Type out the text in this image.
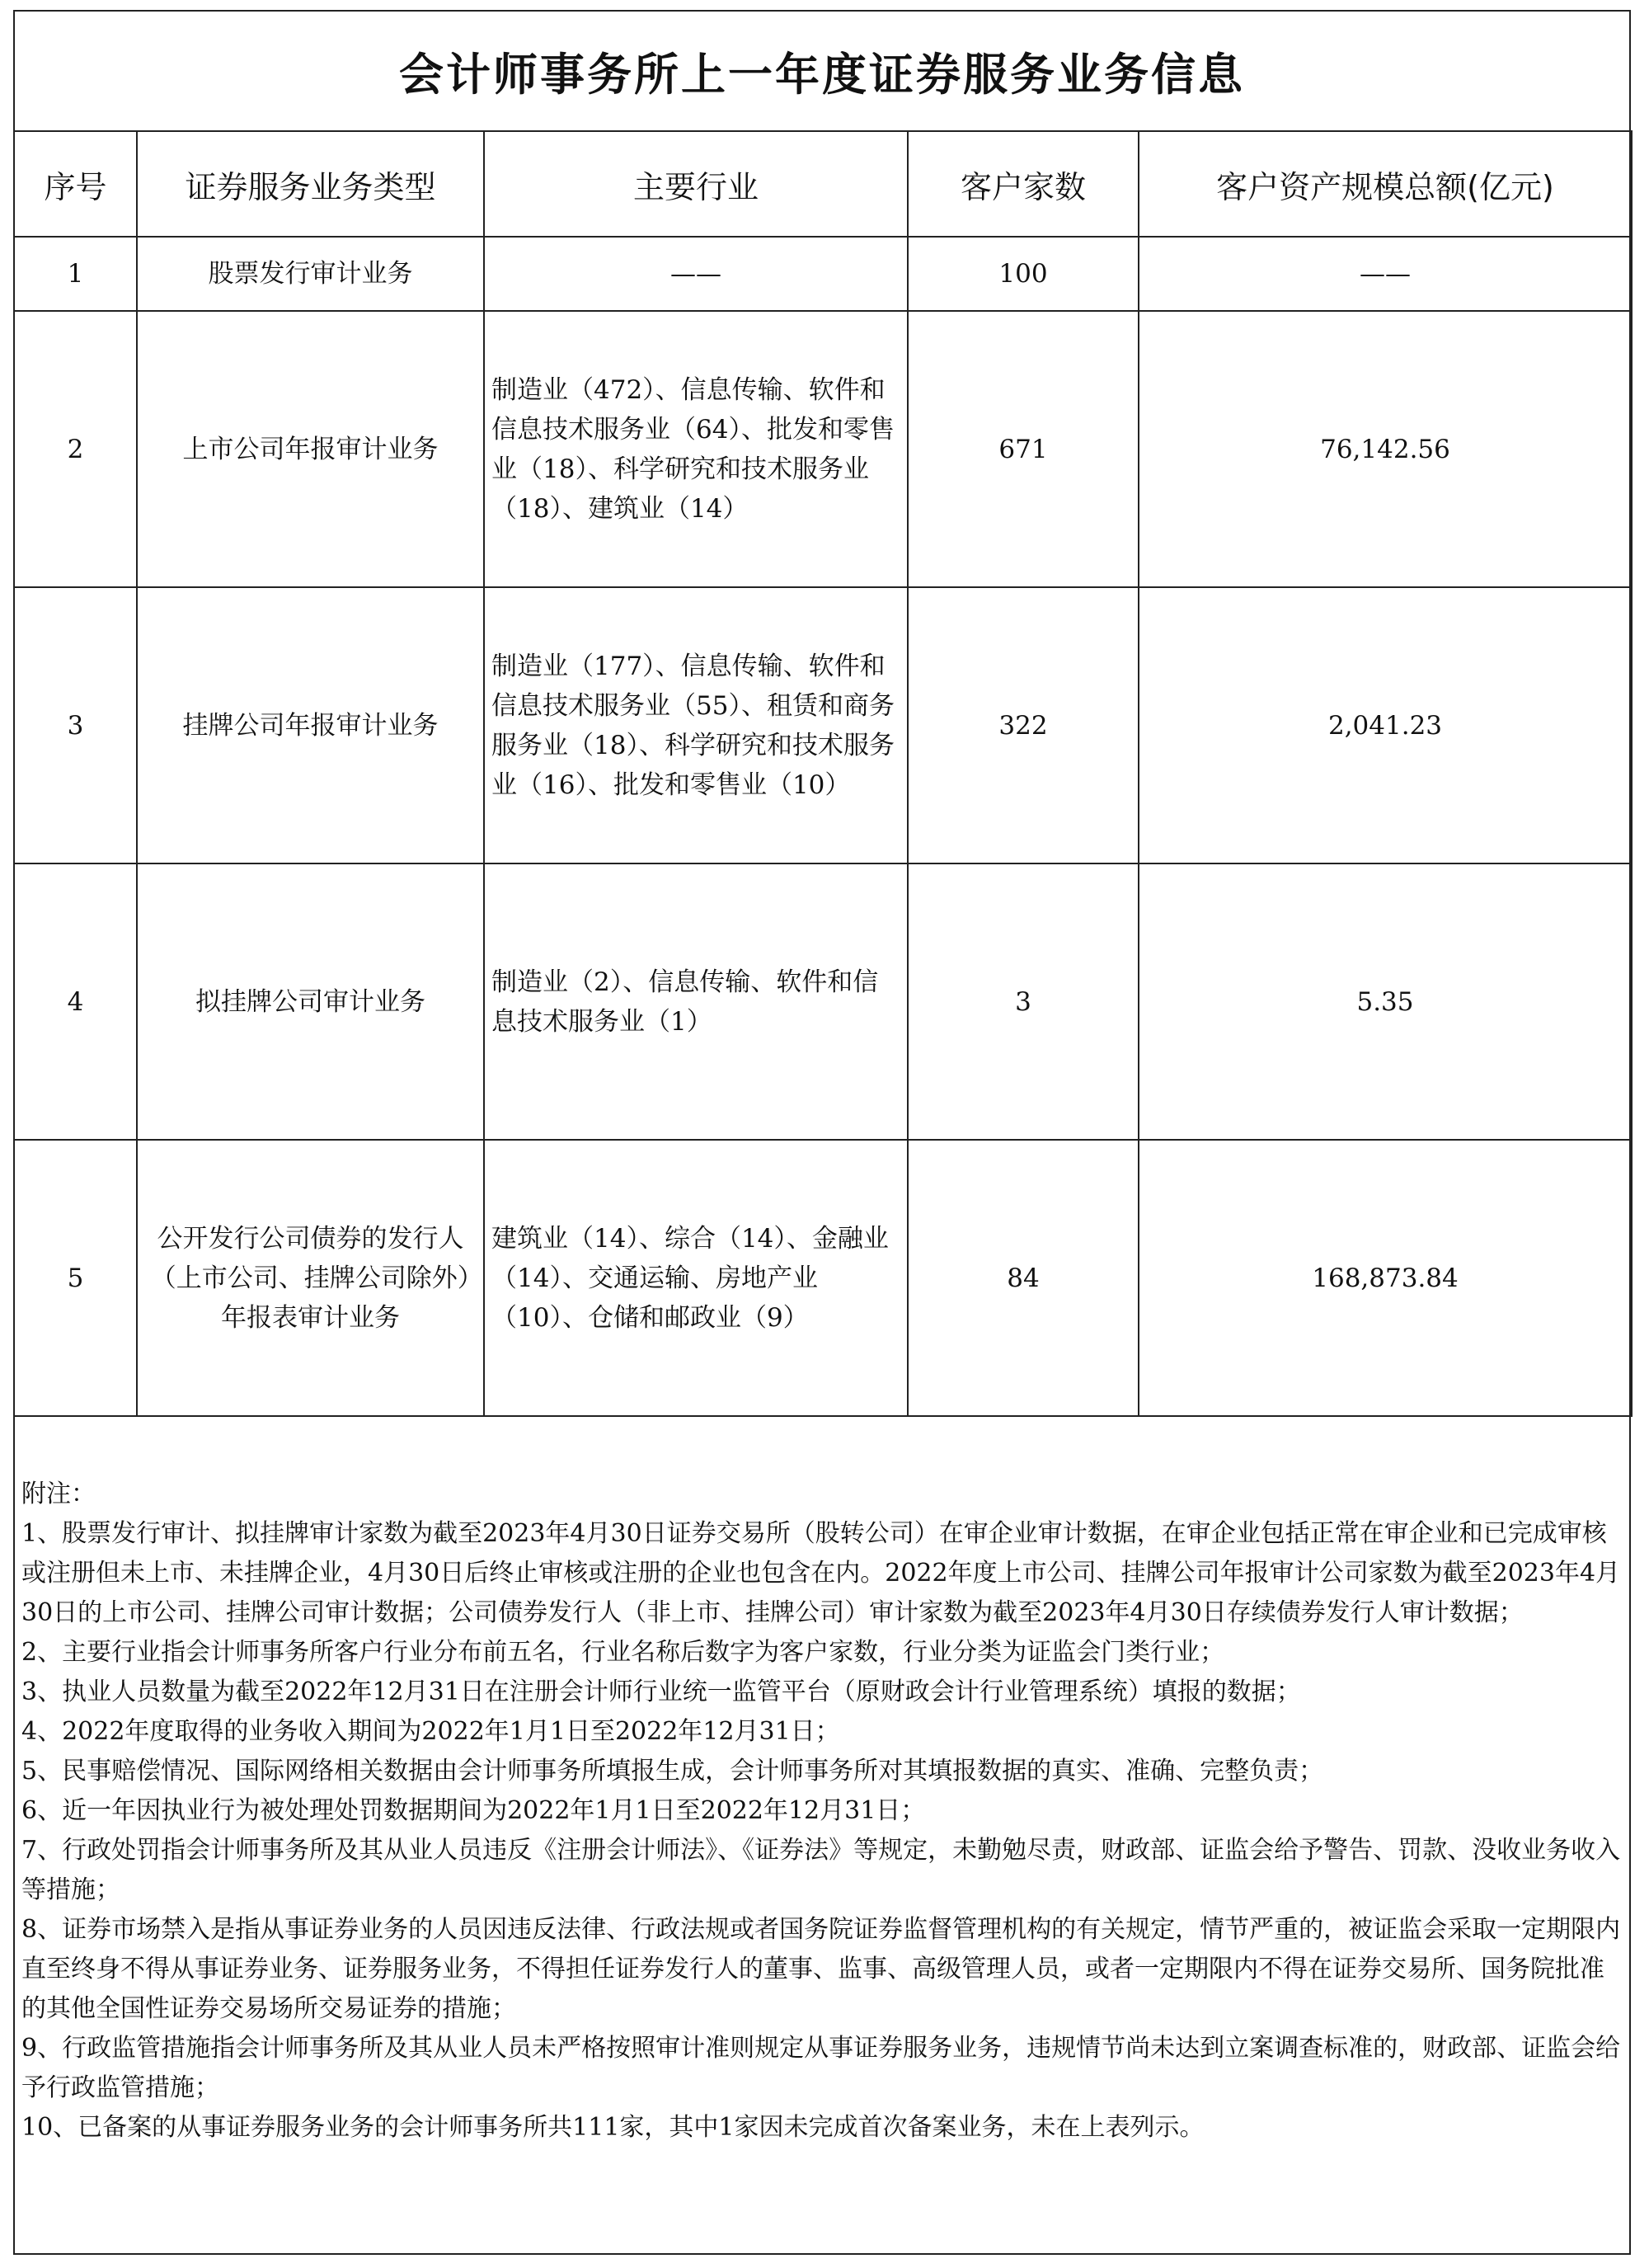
会计师事务所上一年度证券服务业务信息
序号	证券服务业务类型	主要行业	客户家数	客户资产规模总额(亿元)
1	股票发行审计业务	——	100	——
2	上市公司年报审计业务	制造业（472）、信息传输、软件和信息技术服务业（64）、批发和零售业（18）、科学研究和技术服务业（18）、建筑业（14）	671	76,142.56
3	挂牌公司年报审计业务	制造业（177）、信息传输、软件和信息技术服务业（55）、租赁和商务服务业（18）、科学研究和技术服务业（16）、批发和零售业（10）	322	2,041.23
4	拟挂牌公司审计业务	制造业（2）、信息传输、软件和信息技术服务业（1）	3	5.35
5	公开发行公司债券的发行人（上市公司、挂牌公司除外）年报表审计业务	建筑业（14）、综合（14）、金融业（14）、交通运输、房地产业（10）、仓储和邮政业（9）	84	168,873.84
附注：
1、股票发行审计、拟挂牌审计家数为截至2023年4月30日证券交易所（股转公司）在审企业审计数据，在审企业包括正常在审企业和已完成审核或注册但未上市、未挂牌企业，4月30日后终止审核或注册的企业也包含在内。2022年度上市公司、挂牌公司年报审计公司家数为截至2023年4月30日的上市公司、挂牌公司审计数据；公司债券发行人（非上市、挂牌公司）审计家数为截至2023年4月30日存续债券发行人审计数据；
2、主要行业指会计师事务所客户行业分布前五名，行业名称后数字为客户家数，行业分类为证监会门类行业；
3、执业人员数量为截至2022年12月31日在注册会计师行业统一监管平台（原财政会计行业管理系统）填报的数据；
4、2022年度取得的业务收入期间为2022年1月1日至2022年12月31日；
5、民事赔偿情况、国际网络相关数据由会计师事务所填报生成，会计师事务所对其填报数据的真实、准确、完整负责；
6、近一年因执业行为被处理处罚数据期间为2022年1月1日至2022年12月31日；
7、行政处罚指会计师事务所及其从业人员违反《注册会计师法》、《证券法》等规定，未勤勉尽责，财政部、证监会给予警告、罚款、没收业务收入等措施；
8、证券市场禁入是指从事证券业务的人员因违反法律、行政法规或者国务院证券监督管理机构的有关规定，情节严重的，被证监会采取一定期限内直至终身不得从事证券业务、证券服务业务，不得担任证券发行人的董事、监事、高级管理人员，或者一定期限内不得在证券交易所、国务院批准的其他全国性证券交易场所交易证券的措施；
9、行政监管措施指会计师事务所及其从业人员未严格按照审计准则规定从事证券服务业务，违规情节尚未达到立案调查标准的，财政部、证监会给予行政监管措施；
10、已备案的从事证券服务业务的会计师事务所共111家，其中1家因未完成首次备案业务，未在上表列示。
